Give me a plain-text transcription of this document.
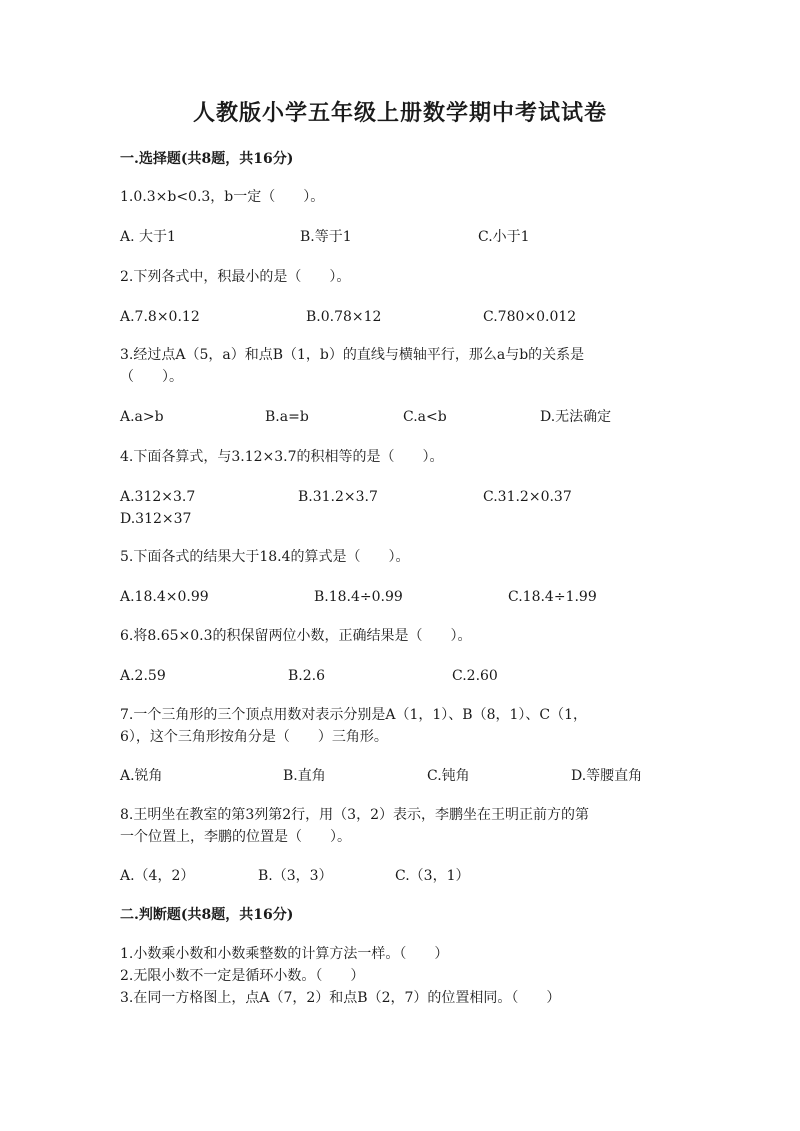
人教版小学五年级上册数学期中考试试卷
一.选择题(共8题，共16分)
1.0.3×b<0.3，b一定（　　）。
A. 大于1	B.等于1	C.小于1
2.下列各式中，积最小的是（　　）。
A.7.8×0.12	B.0.78×12	C.780×0.012
3.经过点A（5，a）和点B（1，b）的直线与横轴平行，那么a与b的关系是
（　　）。
A.a>b	B.a=b	C.a<b	D.无法确定
4.下面各算式，与3.12×3.7的积相等的是（　　）。
A.312×3.7	B.31.2×3.7	C.31.2×0.37
D.312×37
5.下面各式的结果大于18.4的算式是（　　）。
A.18.4×0.99	B.18.4÷0.99	C.18.4÷1.99
6.将8.65×0.3的积保留两位小数，正确结果是（　　）。
A.2.59	B.2.6	C.2.60
7.一个三角形的三个顶点用数对表示分别是A（1，1）、B（8，1）、C（1，
6），这个三角形按角分是（　　）三角形。
A.锐角	B.直角	C.钝角	D.等腰直角
8.王明坐在教室的第3列第2行，用（3，2）表示，李鹏坐在王明正前方的第
一个位置上，李鹏的位置是（　　）。
A.（4，2）	B.（3，3）	C.（3，1）
二.判断题(共8题，共16分)
1.小数乘小数和小数乘整数的计算方法一样。（　　）
2.无限小数不一定是循环小数。（　　）
3.在同一方格图上，点A（7，2）和点B（2，7）的位置相同。（　　）
